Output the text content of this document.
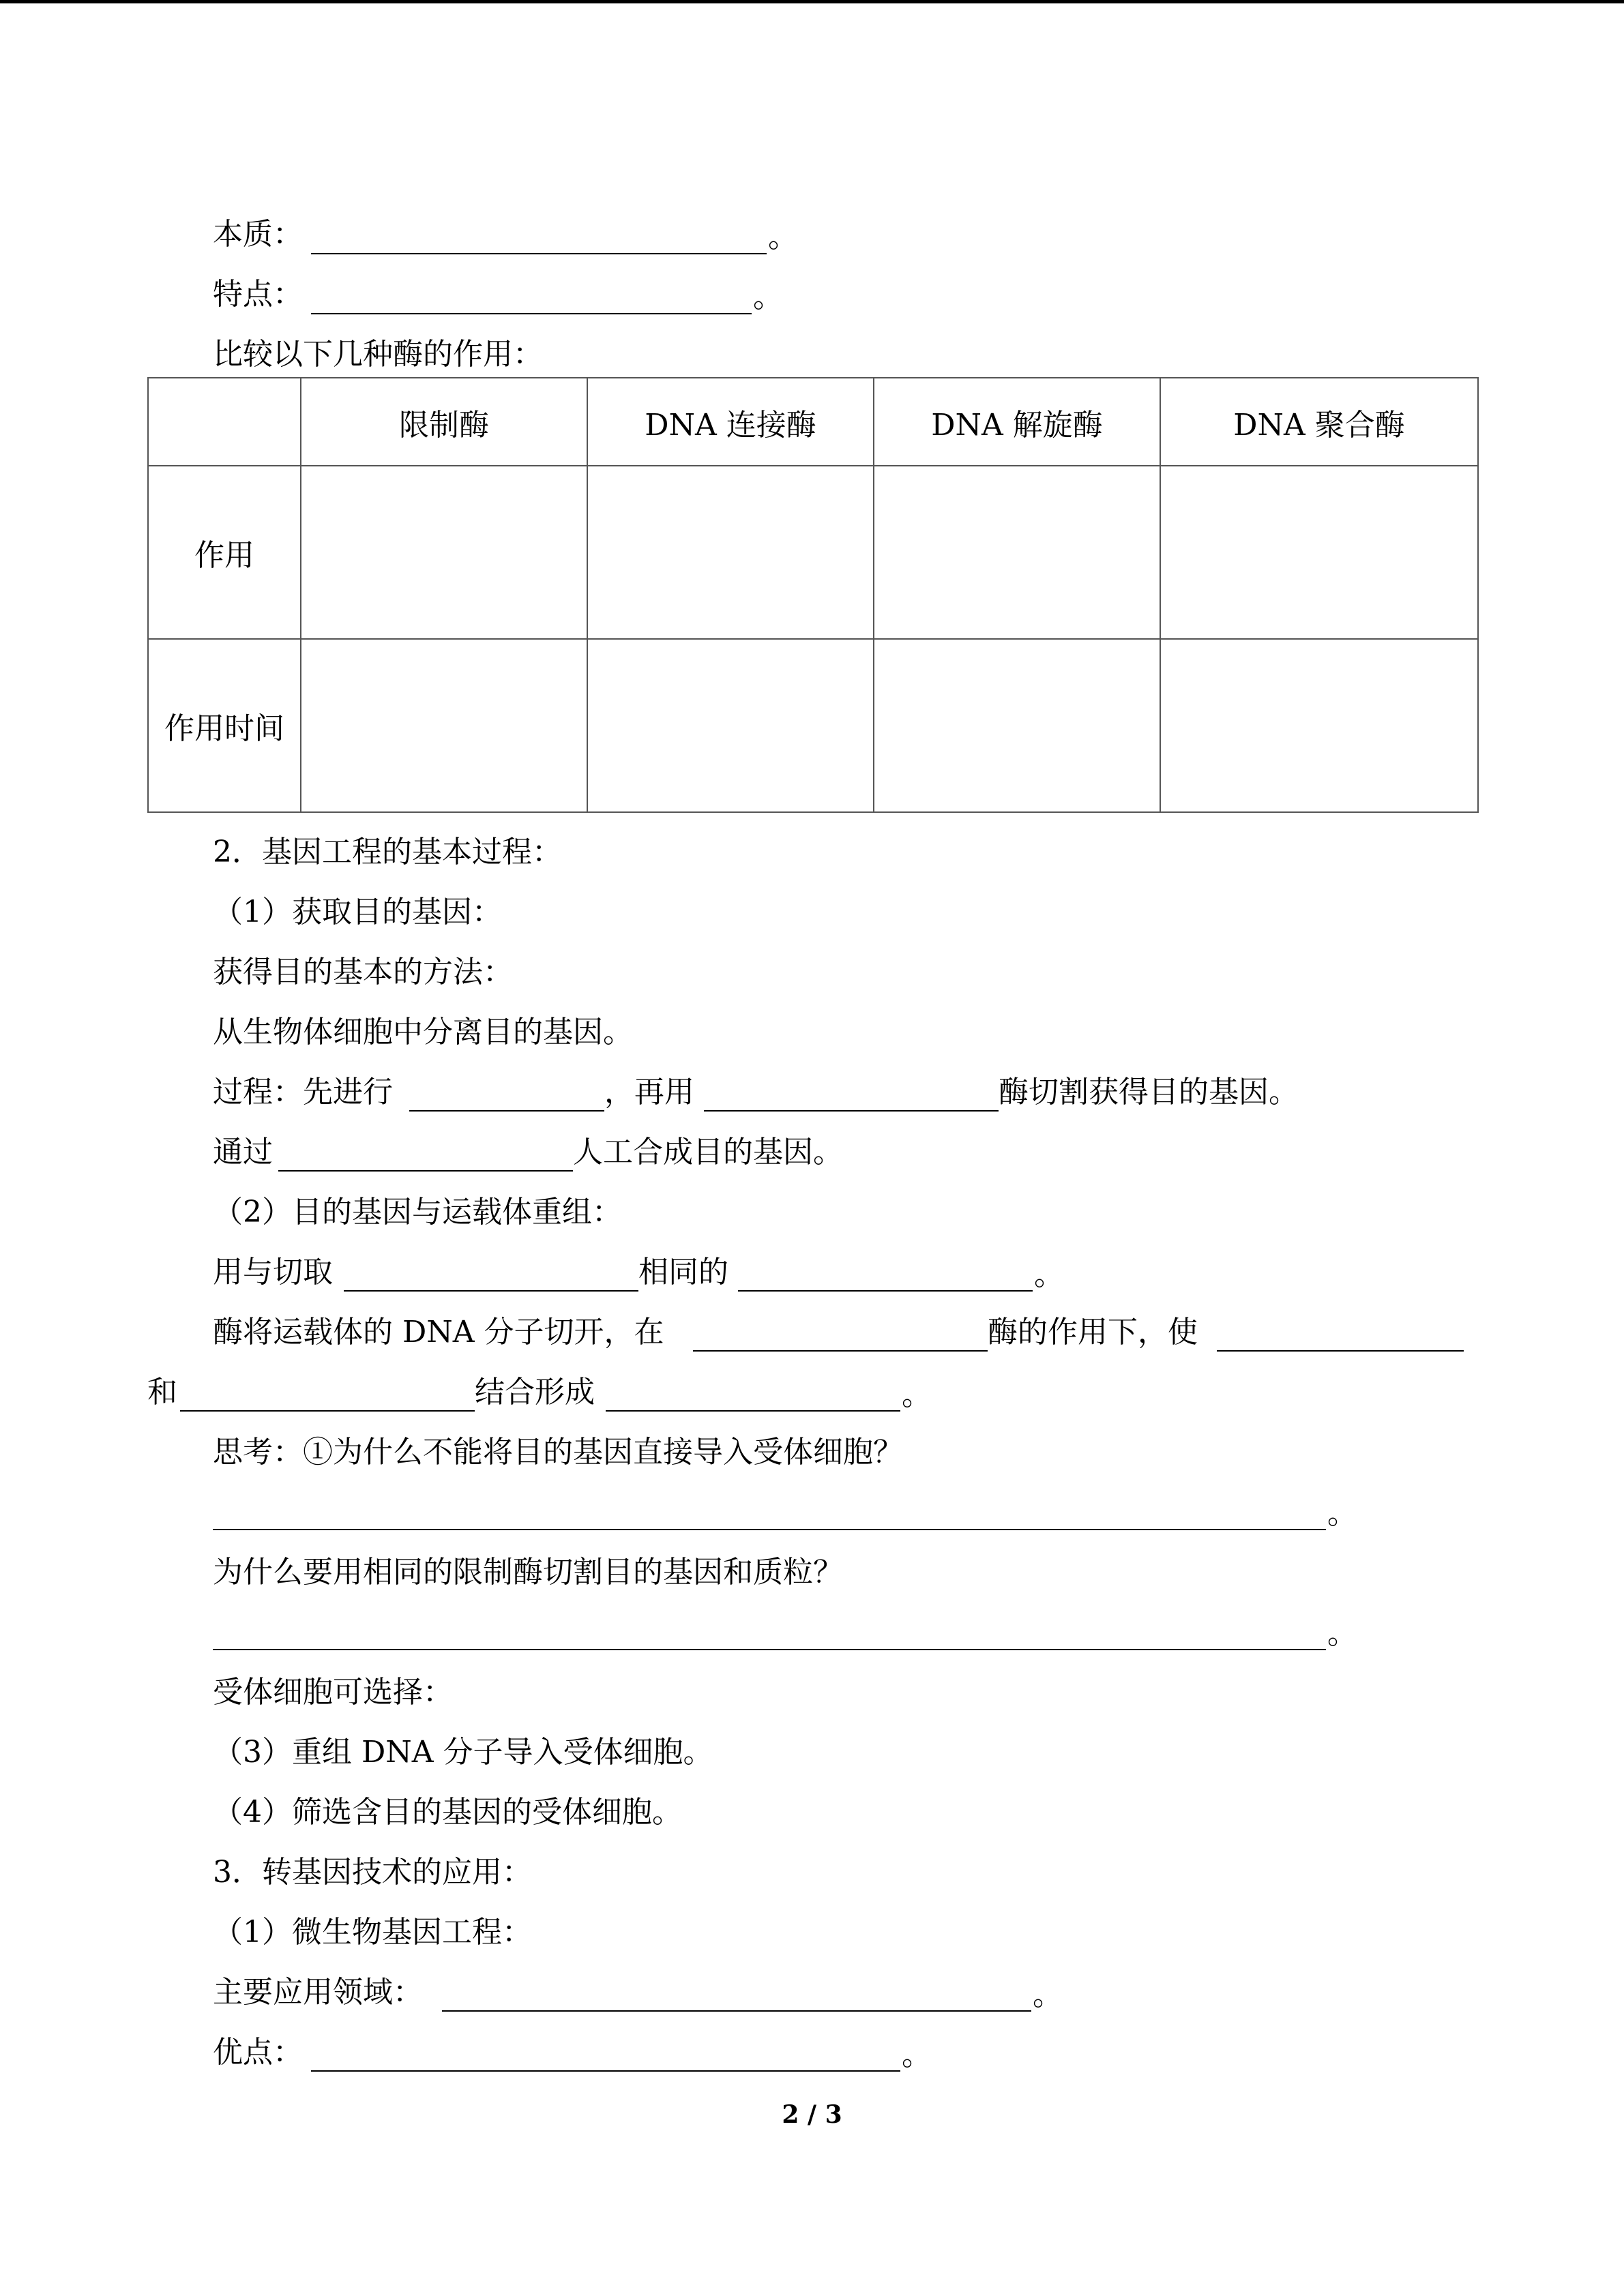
本质：	。
特点：	。
比较以下几种酶的作用：
	限制酶	DNA 连接酶	DNA 解旋酶	DNA 聚合酶
作用				
作用时间				
2．基因工程的基本过程：
（1）获取目的基因：
获得目的基本的方法：
从生物体细胞中分离目的基因。
过程：先进行	，再用	酶切割获得目的基因。
通过	人工合成目的基因。
（2）目的基因与运载体重组：
用与切取	相同的	。
酶将运载体的 DNA 分子切开，在	酶的作用下，使
和	结合形成	。
思考：①为什么不能将目的基因直接导入受体细胞？
。
为什么要用相同的限制酶切割目的基因和质粒？
。
受体细胞可选择：
（3）重组 DNA 分子导入受体细胞。
（4）筛选含目的基因的受体细胞。
3．转基因技术的应用：
（1）微生物基因工程：
主要应用领域：	。
优点：	。
2 / 3
